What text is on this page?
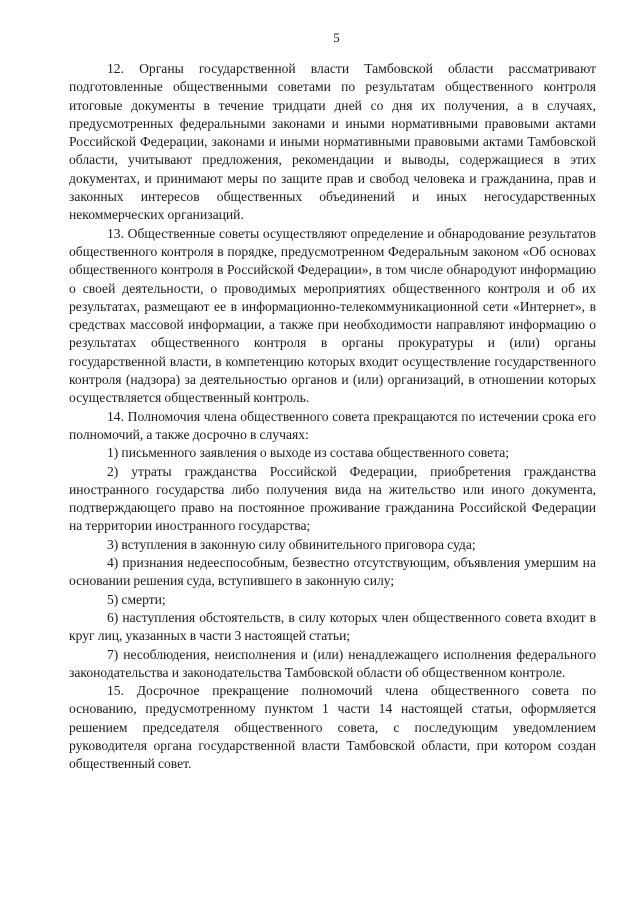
5

12. Органы государственной власти Тамбовской области рассматривают подготовленные общественными советами по результатам общественного контроля итоговые документы в течение тридцати дней со дня их получения, а в случаях, предусмотренных федеральными законами и иными нормативными правовыми актами Российской Федерации, законами и иными нормативными правовыми актами Тамбовской области, учитывают предложения, рекомендации и выводы, содержащиеся в этих документах, и принимают меры по защите прав и свобод человека и гражданина, прав и законных интересов общественных объединений и иных негосударственных некоммерческих организаций.

13. Общественные советы осуществляют определение и обнародование результатов общественного контроля в порядке, предусмотренном Федеральным законом «Об основах общественного контроля в Российской Федерации», в том числе обнародуют информацию о своей деятельности, о проводимых мероприятиях общественного контроля и об их результатах, размещают ее в информационно-телекоммуникационной сети «Интернет», в средствах массовой информации, а также при необходимости направляют информацию о результатах общественного контроля в органы прокуратуры и (или) органы государственной власти, в компетенцию которых входит осуществление государственного контроля (надзора) за деятельностью органов и (или) организаций, в отношении которых осуществляется общественный контроль.

14. Полномочия члена общественного совета прекращаются по истечении срока его полномочий, а также досрочно в случаях:

1) письменного заявления о выходе из состава общественного совета;

2) утраты гражданства Российской Федерации, приобретения гражданства иностранного государства либо получения вида на жительство или иного документа, подтверждающего право на постоянное проживание гражданина Российской Федерации на территории иностранного государства;

3) вступления в законную силу обвинительного приговора суда;

4) признания недееспособным, безвестно отсутствующим, объявления умершим на основании решения суда, вступившего в законную силу;

5) смерти;

6) наступления обстоятельств, в силу которых член общественного совета входит в круг лиц, указанных в части 3 настоящей статьи;

7) несоблюдения, неисполнения и (или) ненадлежащего исполнения федерального законодательства и законодательства Тамбовской области об общественном контроле.

15. Досрочное прекращение полномочий члена общественного совета по основанию, предусмотренному пунктом 1 части 14 настоящей статьи, оформляется решением председателя общественного совета, с последующим уведомлением руководителя органа государственной власти Тамбовской области, при котором создан общественный совет.
